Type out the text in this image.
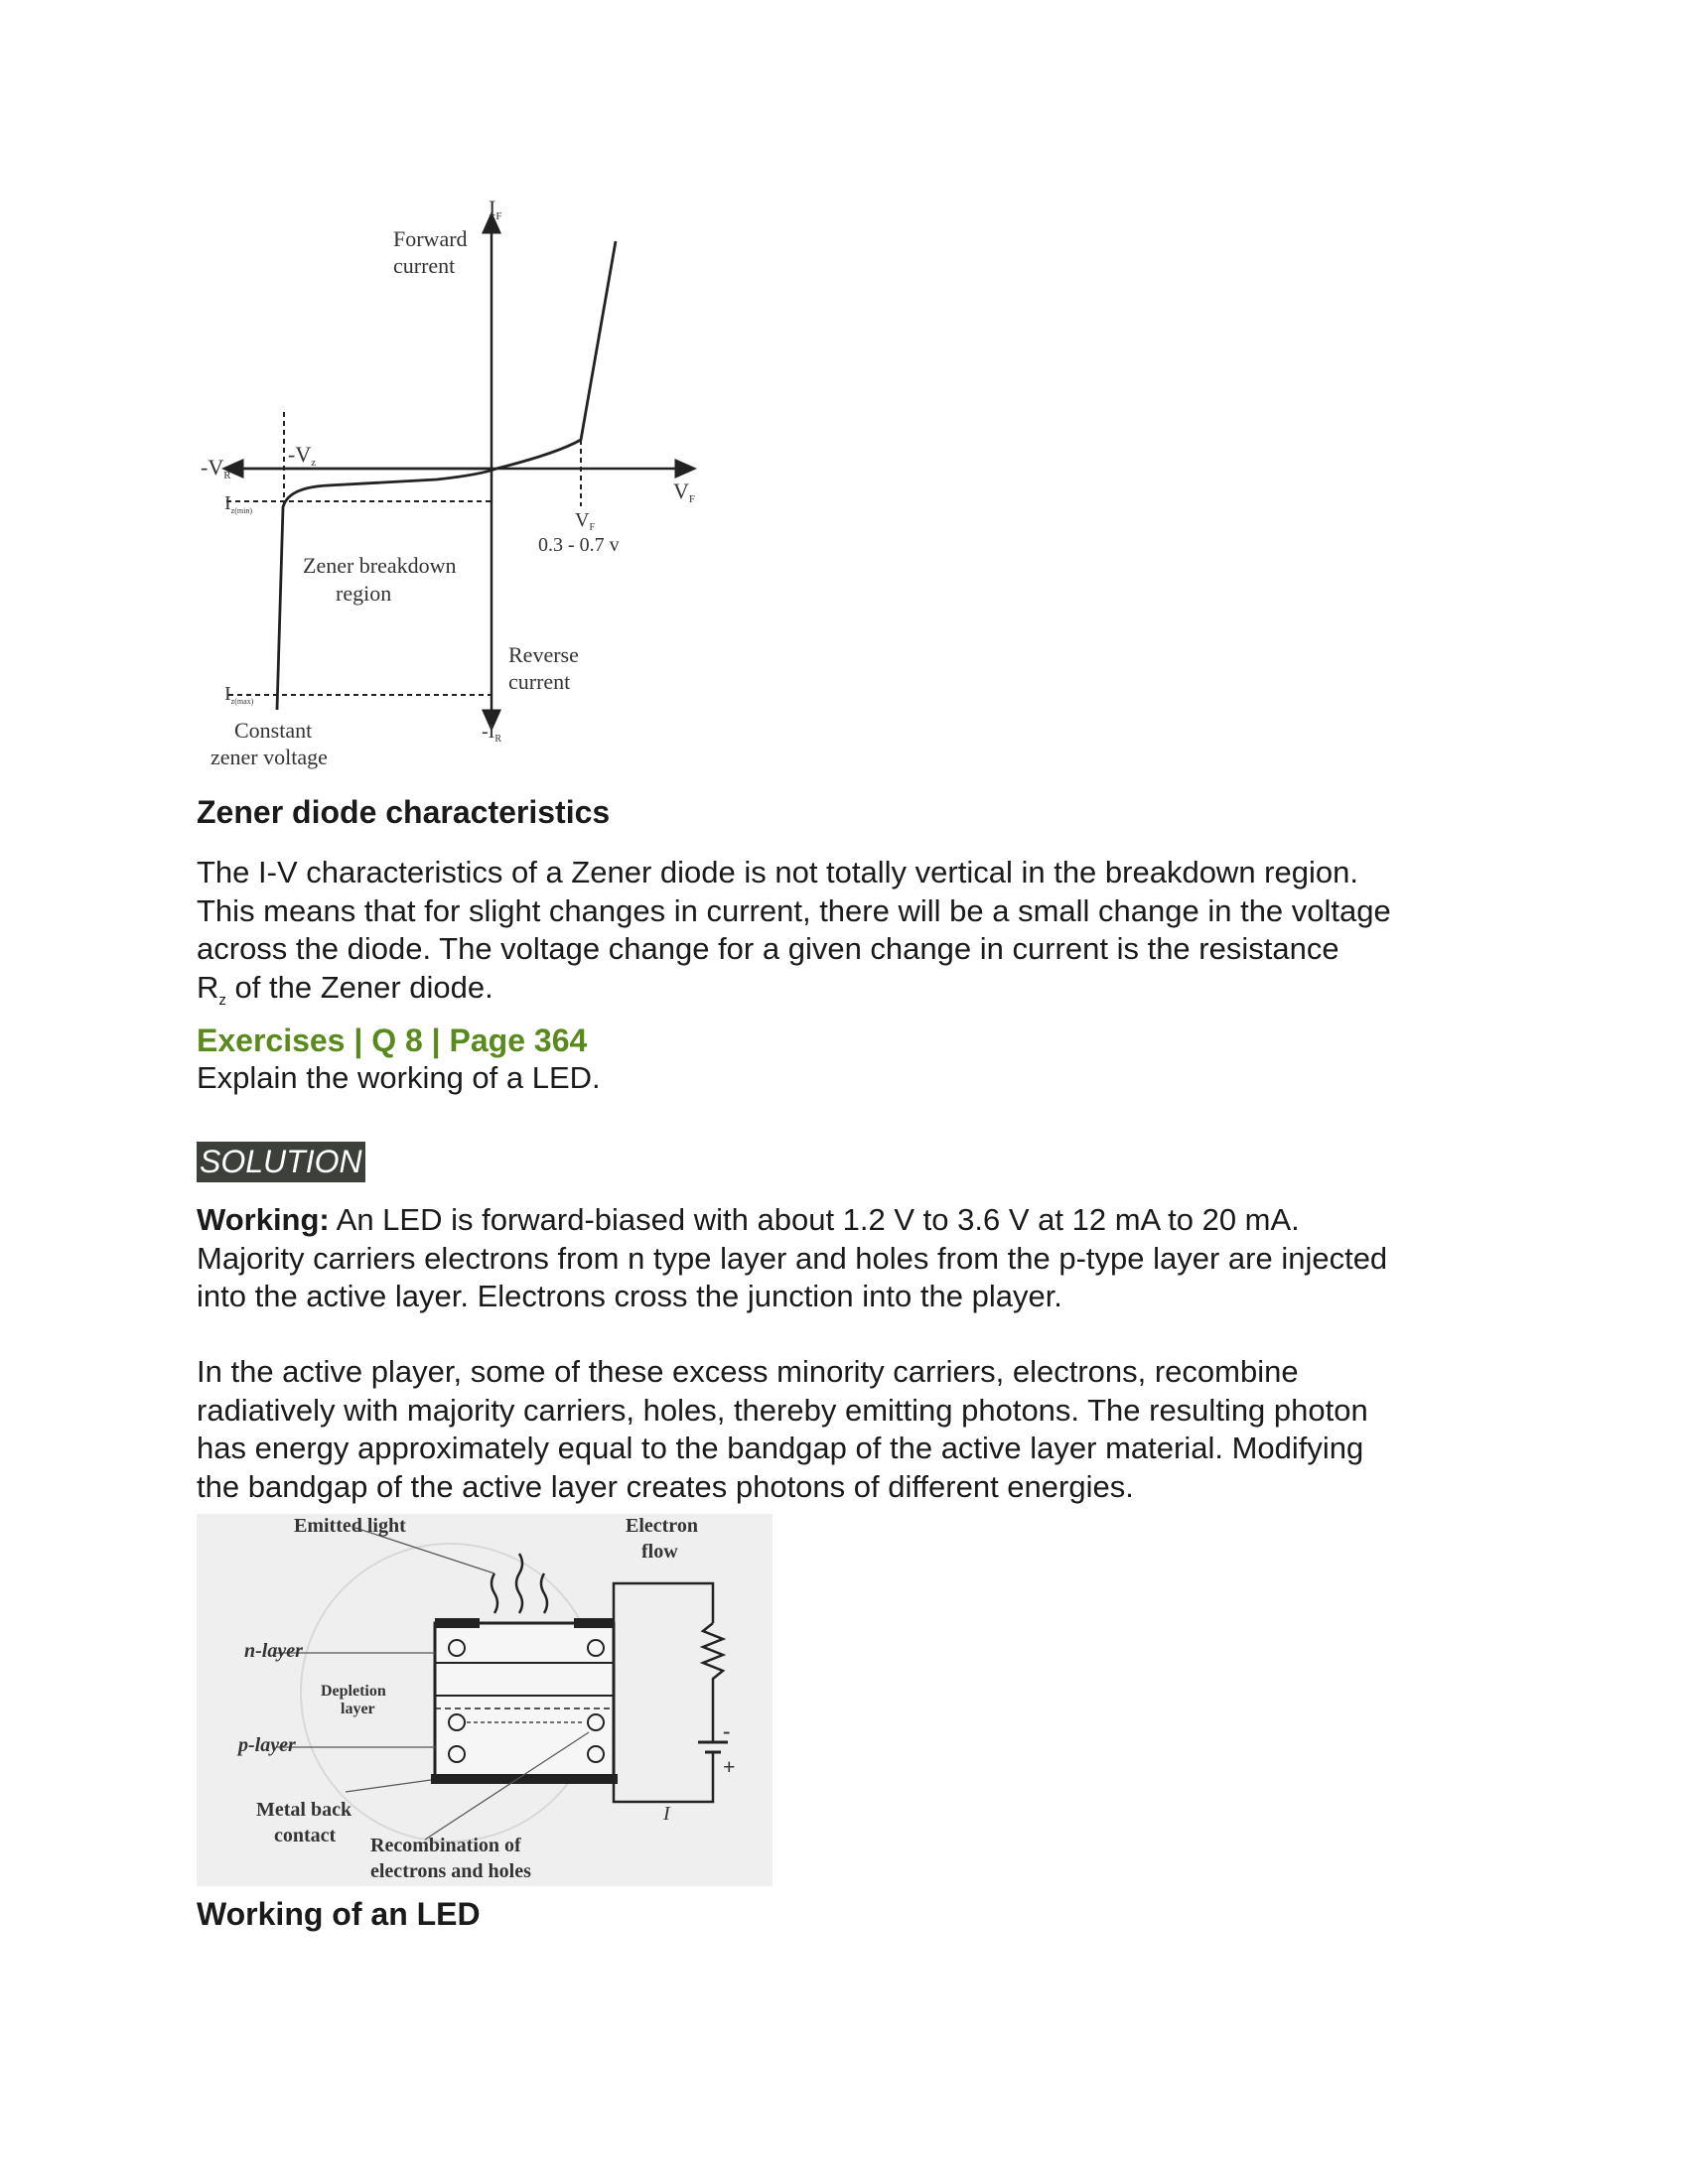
IF
Forward
current
-VR
-Vz
$I_{z(min)}$
VF
$V_F$
0.3 - 0.7 v
Zener breakdown
region
Reverse
current
$I_{z(max)}$
$-I_R$
Constant
zener voltage
Zener diode characteristics
The I-V characteristics of a Zener diode is not totally vertical in the breakdown region.
This means that for slight changes in current, there will be a small change in the voltage
across the diode. The voltage change for a given change in current is the resistance
$R_z$ of the Zener diode.
Exercises | Q 8 | Page 364
Explain the working of a LED.
SOLUTION
Working: An LED is forward-biased with about 1.2 V to 3.6 V at 12 mA to 20 mA.
Majority carriers electrons from n type layer and holes from the p-type layer are injected
into the active layer. Electrons cross the junction into the player.
In the active player, some of these excess minority carriers, electrons, recombine
radiatively with majority carriers, holes, thereby emitting photons. The resulting photon
has energy approximately equal to the bandgap of the active layer material. Modifying
the bandgap of the active layer creates photons of different energies.
Emitted light	Electron
flow
n-layer
Depletion
layer
p-layer
Metal back
contact Recombination of
electrons and holes
I
-
+
Working of an LED
